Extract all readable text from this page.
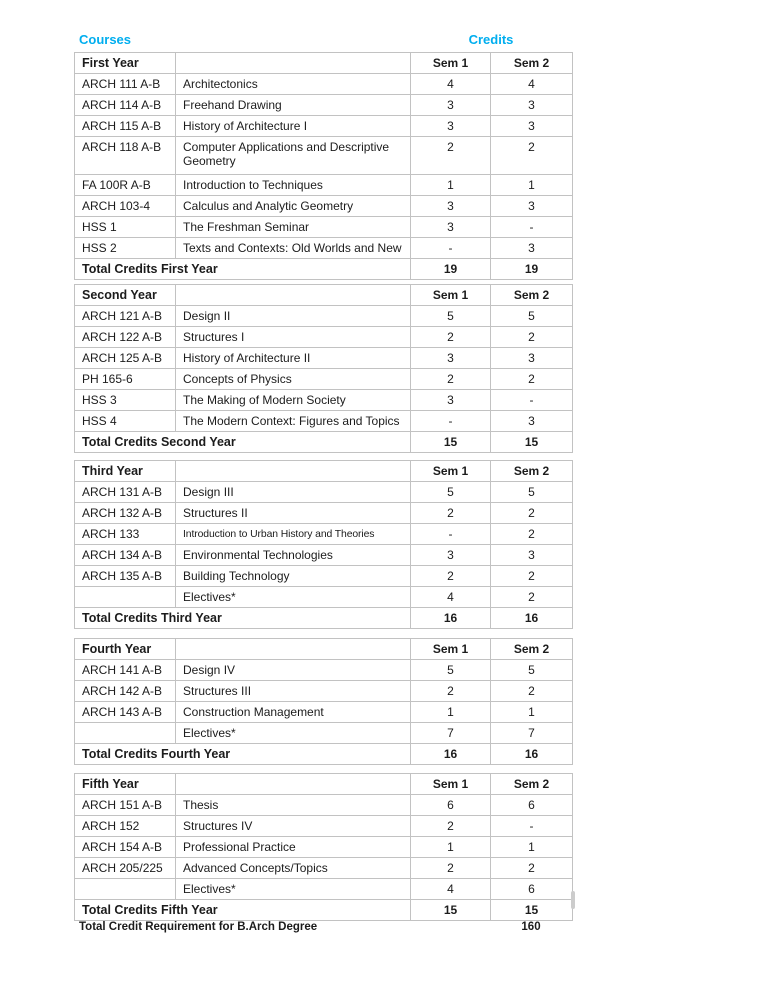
Courses	Credits
First Year		Sem 1	Sem 2
ARCH 111 A-B	Architectonics	4	4
ARCH 114 A-B	Freehand Drawing	3	3
ARCH 115 A-B	History of Architecture I	3	3
ARCH 118 A-B	Computer Applications and Descriptive Geometry	2	2
FA 100R A-B	Introduction to Techniques	1	1
ARCH 103-4	Calculus and Analytic Geometry	3	3
HSS 1	The Freshman Seminar	3	-
HSS 2	Texts and Contexts: Old Worlds and New	-	3
Total Credits First Year		19	19
Second Year		Sem 1	Sem 2
ARCH 121 A-B	Design II	5	5
ARCH 122 A-B	Structures I	2	2
ARCH 125 A-B	History of Architecture II	3	3
PH 165-6	Concepts of Physics	2	2
HSS 3	The Making of Modern Society	3	-
HSS 4	The Modern Context: Figures and Topics	-	3
Total Credits Second Year		15	15
Third Year		Sem 1	Sem 2
ARCH 131 A-B	Design III	5	5
ARCH 132 A-B	Structures II	2	2
ARCH 133	Introduction to Urban History and Theories	-	2
ARCH 134 A-B	Environmental Technologies	3	3
ARCH 135 A-B	Building Technology	2	2
	Electives*	4	2
Total Credits Third Year		16	16
Fourth Year		Sem 1	Sem 2
ARCH 141 A-B	Design IV	5	5
ARCH 142 A-B	Structures III	2	2
ARCH 143 A-B	Construction Management	1	1
	Electives*	7	7
Total Credits Fourth Year		16	16
Fifth Year		Sem 1	Sem 2
ARCH 151 A-B	Thesis	6	6
ARCH 152	Structures IV	2	-
ARCH 154 A-B	Professional Practice	1	1
ARCH 205/225	Advanced Concepts/Topics	2	2
	Electives*	4	6
Total Credits Fifth Year		15	15
Total Credit Requirement for B.Arch Degree	160
